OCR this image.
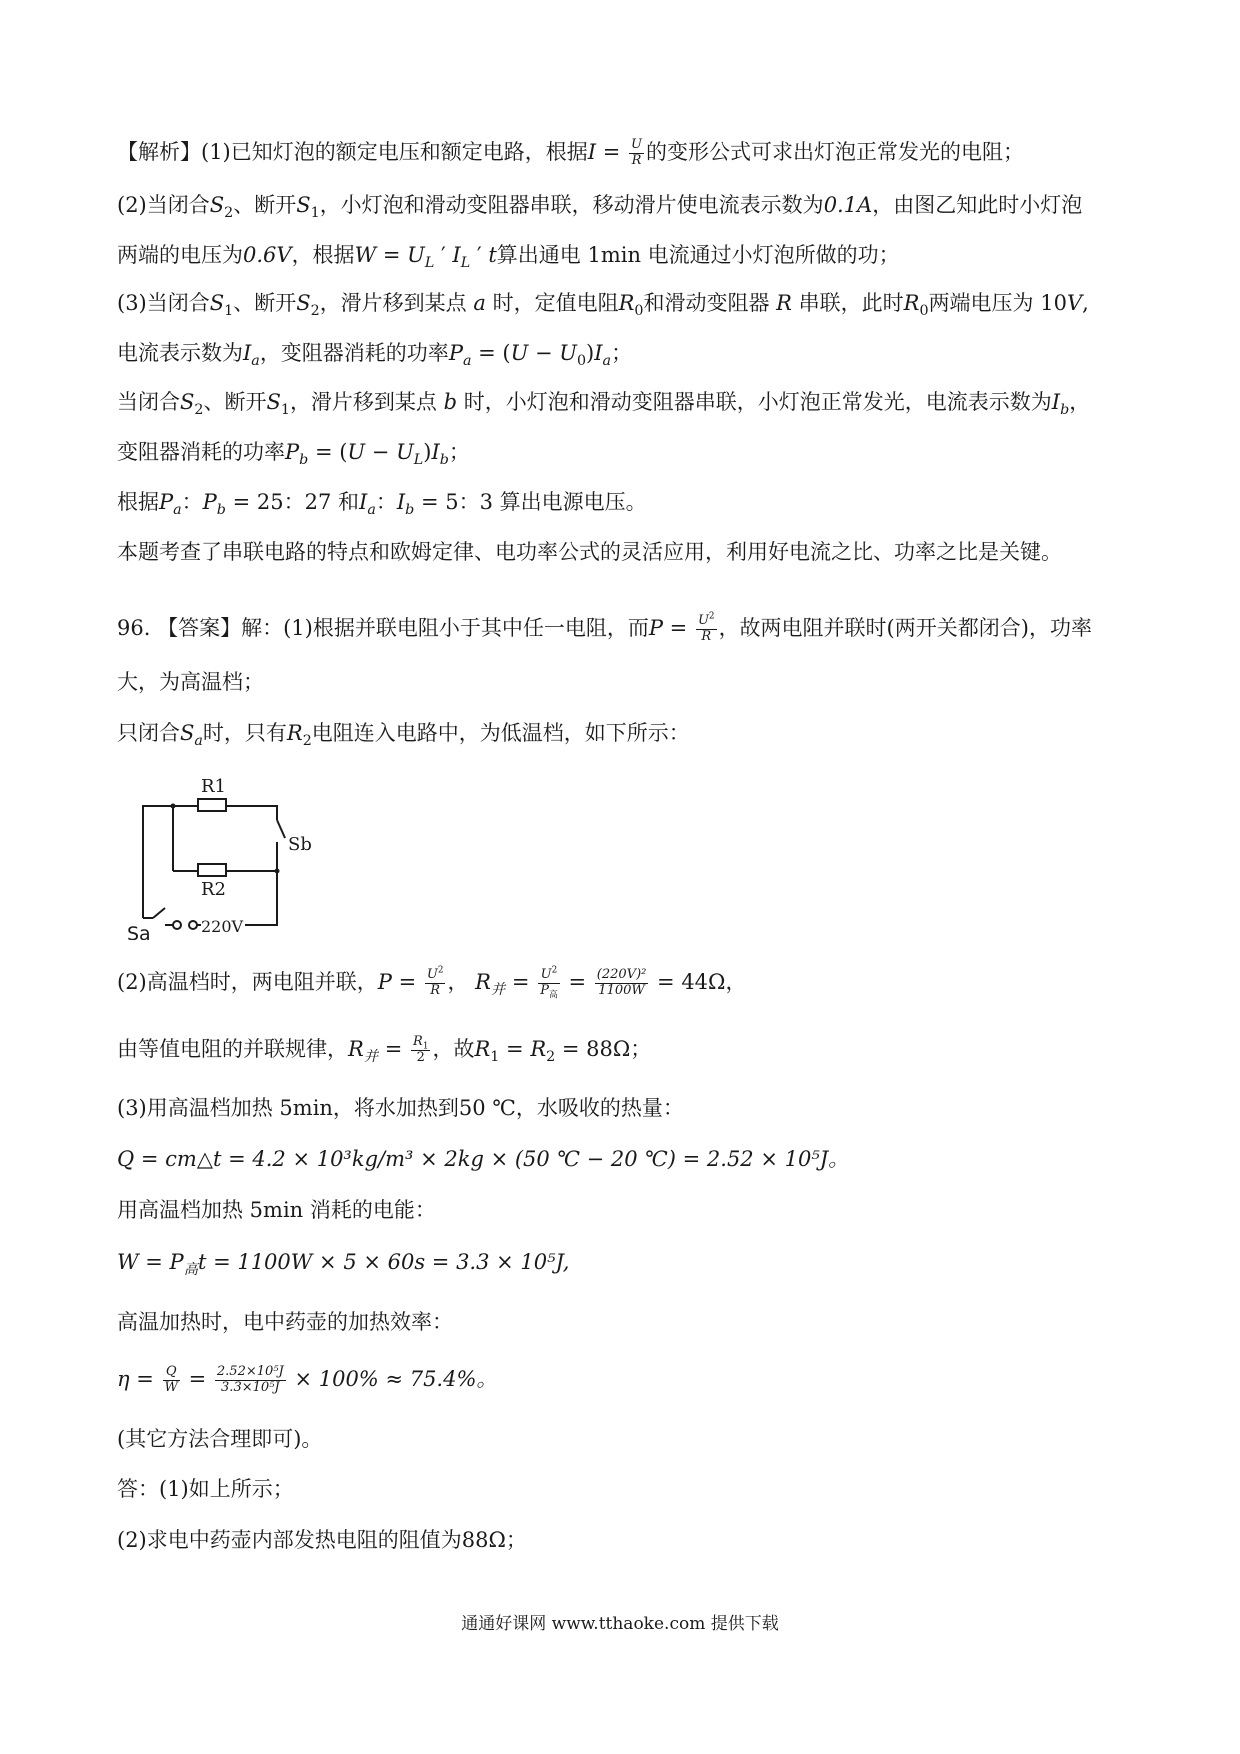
【解析】(1)已知灯泡的额定电压和额定电路，根据$I = \frac{U}{R}$ 的变形公式可求出灯泡正常发光的电阻；
(2)当闭合$S_2$、断开$S_1$，小灯泡和滑动变阻器串联，移动滑片使电流表示数为0.1A，由图乙知此时小灯泡
两端的电压为0.6V，根据$W = U_L$ ′ $I_L$ ′ t算出通电 1min 电流通过小灯泡所做的功；
(3)当闭合$S_1$、断开$S_2$，滑片移到某点 a 时，定值电阻$R_0$和滑动变阻器 R 串联，此时$R_0$两端电压为 10V,
电流表示数为$I_a$，变阻器消耗的功率$P_a = (U - U_0)I_a$；
当闭合$S_2$、断开$S_1$，滑片移到某点 b 时，小灯泡和滑动变阻器串联，小灯泡正常发光，电流表示数为$I_b$，
变阻器消耗的功率$P_b = (U - U_L)I_b$；
根据$P_a$：$P_b = 25$：27 和$I_a$：$I_b = 5$：3 算出电源电压。
本题考查了串联电路的特点和欧姆定律、电功率公式的灵活应用，利用好电流之比、功率之比是关键。
96. 【答案】解：(1)根据并联电阻小于其中任一电阻，而$P = \frac{U^2}{R}$ ，故两电阻并联时(两开关都闭合)，功率
大，为高温档；
只闭合$S_a$时，只有$R_2$电阻连入电路中，为低温档，如下所示：
R1
Sb
R2
220V
Sa
(2)高温档时，两电阻并联，$P = \frac{U^2}{R}$ ， $R_并 = \frac{U^2}{P_高} = \frac{\text{(220V)²}}{1100W} = 44\Omega$，
由等值电阻的并联规律，$R_并 = \frac{R_1}{2}$ ，故$R_1 = R_2 = 88\Omega$；
(3)用高温档加热 5min，将水加热到50 ℃，水吸收的热量：
Q = cm△t = 4.2 × 10³kg/m³ × 2kg × (50 ℃ − 20 ℃) = 2.52 × 10⁵J。
用高温档加热 5min 消耗的电能：
$W = P_高t = 1100W \times 5 \times 60s = 3.3 \times 10^5J$,
高温加热时，电中药壶的加热效率：
$\eta = \frac{Q}{W} = \frac{\text{2.52×10⁵J}}{\text{3.3×10⁵J}} \times 100\% \approx 75.4\%$。
(其它方法合理即可)。
答：(1)如上所示；
(2)求电中药壶内部发热电阻的阻值为88Ω；
通通好课网 www.tthaoke.com 提供下载
